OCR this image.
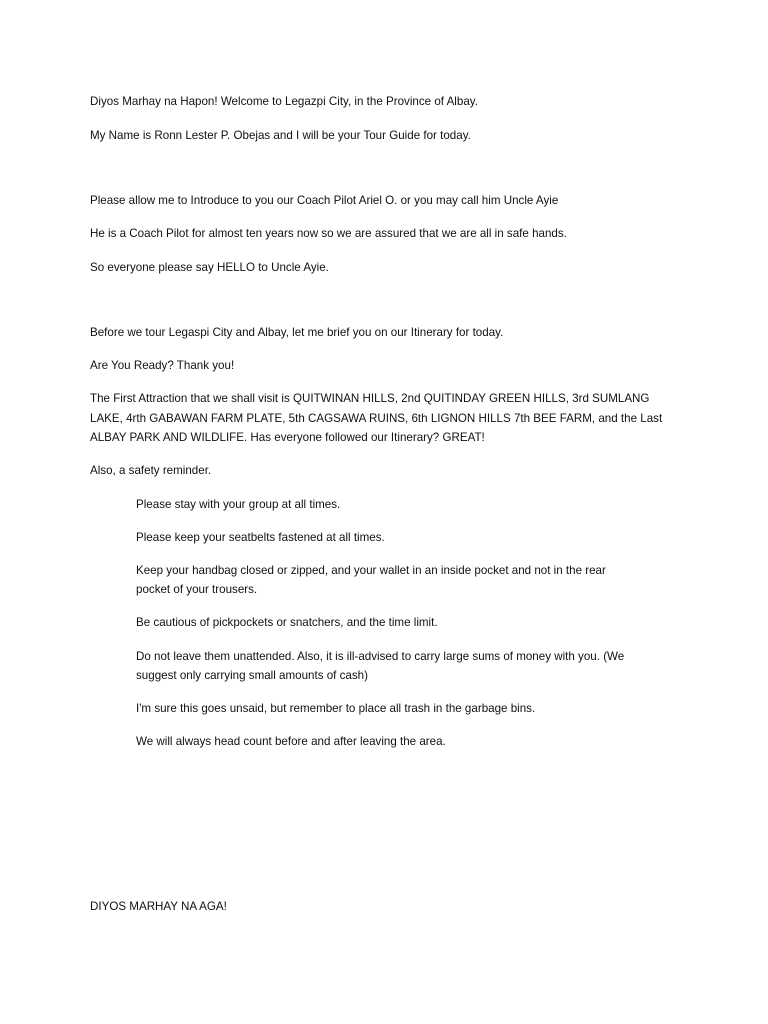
Diyos Marhay na Hapon! Welcome to Legazpi City, in the Province of Albay.

My Name is Ronn Lester P. Obejas and I will be your Tour Guide for today.

Please allow me to Introduce to you our Coach Pilot Ariel O. or you may call him Uncle Ayie

He is a Coach Pilot for almost ten years now so we are assured that we are all in safe hands.

So everyone please say HELLO to Uncle Ayie.

Before we tour Legaspi City and Albay, let me brief you on our Itinerary for today.

Are You Ready? Thank you!

The First Attraction that we shall visit is QUITWINAN HILLS, 2nd QUITINDAY GREEN HILLS, 3rd SUMLANG

LAKE, 4rth GABAWAN FARM PLATE, 5th CAGSAWA RUINS, 6th LIGNON HILLS 7th BEE FARM, and the Last

ALBAY PARK AND WILDLIFE. Has everyone followed our Itinerary? GREAT!

Also, a safety reminder.

Please stay with your group at all times.

Please keep your seatbelts fastened at all times.

Keep your handbag closed or zipped, and your wallet in an inside pocket and not in the rear

pocket of your trousers.

Be cautious of pickpockets or snatchers, and the time limit.

Do not leave them unattended. Also, it is ill-advised to carry large sums of money with you. (We

suggest only carrying small amounts of cash)

I'm sure this goes unsaid, but remember to place all trash in the garbage bins.

We will always head count before and after leaving the area.

DIYOS MARHAY NA AGA!
